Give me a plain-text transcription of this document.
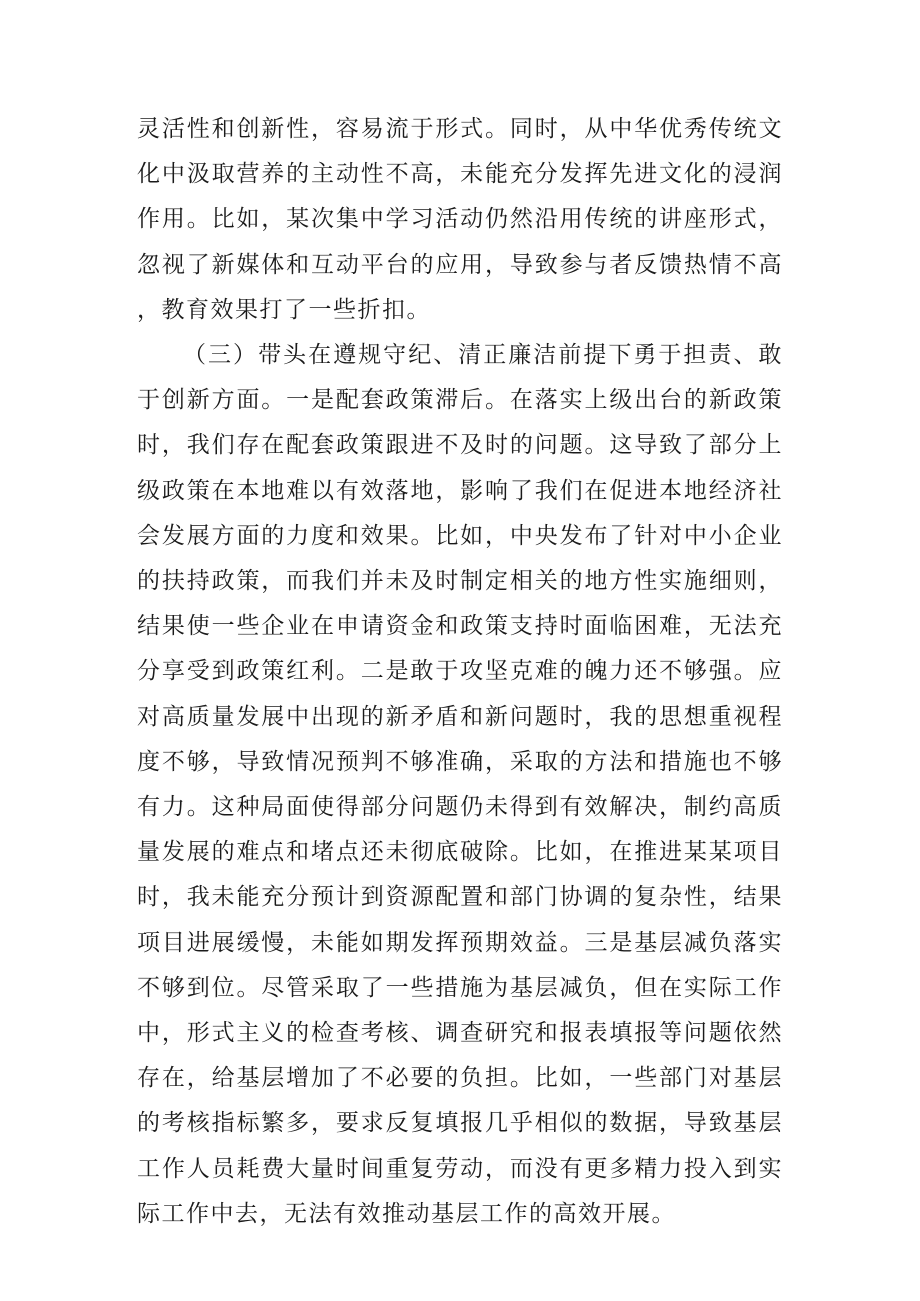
灵活性和创新性，容易流于形式。同时，从中华优秀传统文化中汲取营养的主动性不高，未能充分发挥先进文化的浸润作用。比如，某次集中学习活动仍然沿用传统的讲座形式，忽视了新媒体和互动平台的应用，导致参与者反馈热情不高，教育效果打了一些折扣。

（三）带头在遵规守纪、清正廉洁前提下勇于担责、敢于创新方面。一是配套政策滞后。在落实上级出台的新政策时，我们存在配套政策跟进不及时的问题。这导致了部分上级政策在本地难以有效落地，影响了我们在促进本地经济社会发展方面的力度和效果。比如，中央发布了针对中小企业的扶持政策，而我们并未及时制定相关的地方性实施细则，结果使一些企业在申请资金和政策支持时面临困难，无法充分享受到政策红利。二是敢于攻坚克难的魄力还不够强。应对高质量发展中出现的新矛盾和新问题时，我的思想重视程度不够，导致情况预判不够准确，采取的方法和措施也不够有力。这种局面使得部分问题仍未得到有效解决，制约高质量发展的难点和堵点还未彻底破除。比如，在推进某某项目时，我未能充分预计到资源配置和部门协调的复杂性，结果项目进展缓慢，未能如期发挥预期效益。三是基层减负落实不够到位。尽管采取了一些措施为基层减负，但在实际工作中，形式主义的检查考核、调查研究和报表填报等问题依然存在，给基层增加了不必要的负担。比如，一些部门对基层的考核指标繁多，要求反复填报几乎相似的数据，导致基层工作人员耗费大量时间重复劳动，而没有更多精力投入到实际工作中去，无法有效推动基层工作的高效开展。
